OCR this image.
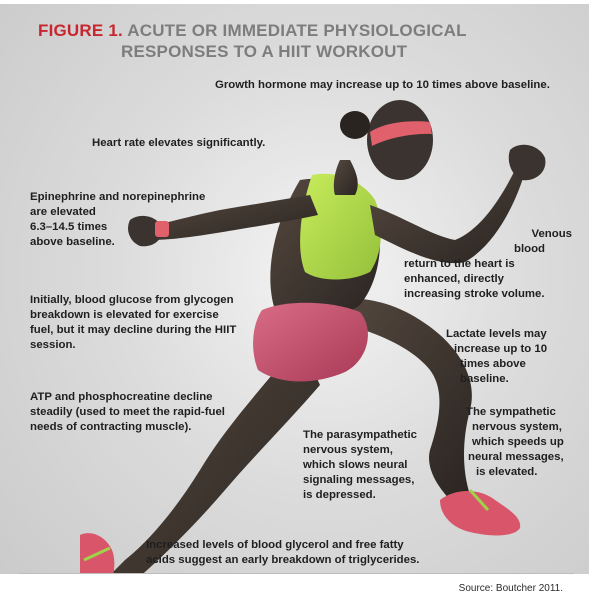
FIGURE 1. ACUTE OR IMMEDIATE PHYSIOLOGICAL
RESPONSES TO A HIIT WORKOUT
Growth hormone may increase up to 10 times above baseline.
Heart rate elevates significantly.
Epinephrine and norepinephrine
are elevated
6.3–14.5 times
above baseline.
Venous
blood
return to the heart is
enhanced, directly
increasing stroke volume.
Initially, blood glucose from glycogen
breakdown is elevated for exercise
fuel, but it may decline during the HIIT
session.
Lactate levels may
increase up to 10
times above
baseline.
ATP and phosphocreatine decline
steadily (used to meet the rapid-fuel
needs of contracting muscle).
The sympathetic
nervous system,
which speeds up
neural messages,
is elevated.
The parasympathetic
nervous system,
which slows neural
signaling messages,
is depressed.
Increased levels of blood glycerol and free fatty
acids suggest an early breakdown of triglycerides.
Source: Boutcher 2011.
